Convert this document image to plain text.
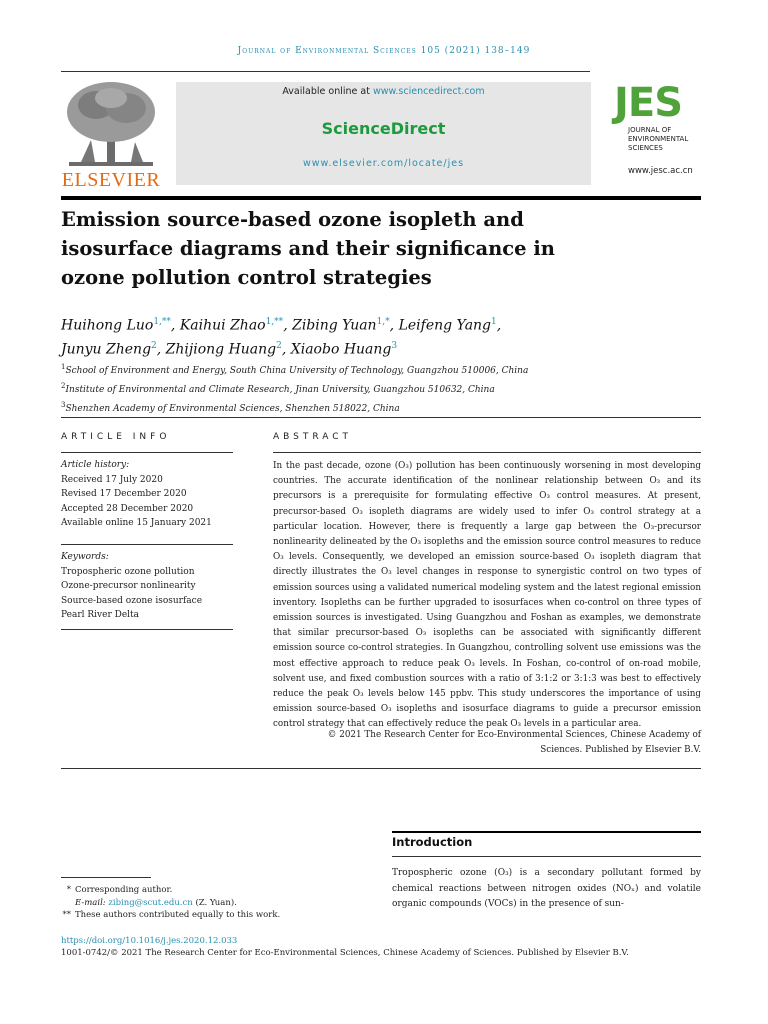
Journal of Environmental Sciences 105 (2021) 138–149
ELSEVIER
Available online at www.sciencedirect.com
ScienceDirect
www.elsevier.com/locate/jes
JES
JOURNAL OF
ENVIRONMENTAL
SCIENCES
www.jesc.ac.cn
Emission source-based ozone isopleth and
isosurface diagrams and their significance in
ozone pollution control strategies
Huihong Luo$^{1,**}$, Kaihui Zhao$^{1,**}$, Zibing Yuan$^{1,*}$, Leifeng Yang$^1$,
Junyu Zheng$^2$, Zhijiong Huang$^2$, Xiaobo Huang$^3$
$^1$School of Environment and Energy, South China University of Technology, Guangzhou 510006, China
$^2$Institute of Environmental and Climate Research, Jinan University, Guangzhou 510632, China
$^3$Shenzhen Academy of Environmental Sciences, Shenzhen 518022, China
ARTICLE INFO	ABSTRACT
Article history:
Received 17 July 2020
Revised 17 December 2020
Accepted 28 December 2020
Available online 15 January 2021
Keywords:
Tropospheric ozone pollution
Ozone-precursor nonlinearity
Source-based ozone isosurface
Pearl River Delta
In the past decade, ozone (O₃) pollution has been continuously worsening in most developing countries. The accurate identification of the nonlinear relationship between O₃ and its precursors is a prerequisite for formulating effective O₃ control measures. At present, precursor-based O₃ isopleth diagrams are widely used to infer O₃ control strategy at a particular location. However, there is frequently a large gap between the O₃-precursor nonlinearity delineated by the O₃ isopleths and the emission source control measures to reduce O₃ levels. Consequently, we developed an emission source-based O₃ isopleth diagram that directly illustrates the O₃ level changes in response to synergistic control on two types of emission sources using a validated numerical modeling system and the latest regional emission inventory. Isopleths can be further upgraded to isosurfaces when co-control on three types of emission sources is investigated. Using Guangzhou and Foshan as examples, we demonstrate that similar precursor-based O₃ isopleths can be associated with significantly different emission source co-control strategies. In Guangzhou, controlling solvent use emissions was the most effective approach to reduce peak O₃ levels. In Foshan, co-control of on-road mobile, solvent use, and fixed combustion sources with a ratio of 3:1:2 or 3:1:3 was best to effectively reduce the peak O₃ levels below 145 ppbv. This study underscores the importance of using emission source-based O₃ isopleths and isosurface diagrams to guide a precursor emission control strategy that can effectively reduce the peak O₃ levels in a particular area.
© 2021 The Research Center for Eco-Environmental Sciences, Chinese Academy of
Sciences. Published by Elsevier B.V.
Introduction
Tropospheric ozone (O₃) is a secondary pollutant formed by chemical reactions between nitrogen oxides (NOₓ) and volatile organic compounds (VOCs) in the presence of sun-
* Corresponding author.
E-mail: zibing@scut.edu.cn (Z. Yuan).
** These authors contributed equally to this work.
https://doi.org/10.1016/j.jes.2020.12.033
1001-0742/© 2021 The Research Center for Eco-Environmental Sciences, Chinese Academy of Sciences. Published by Elsevier B.V.
